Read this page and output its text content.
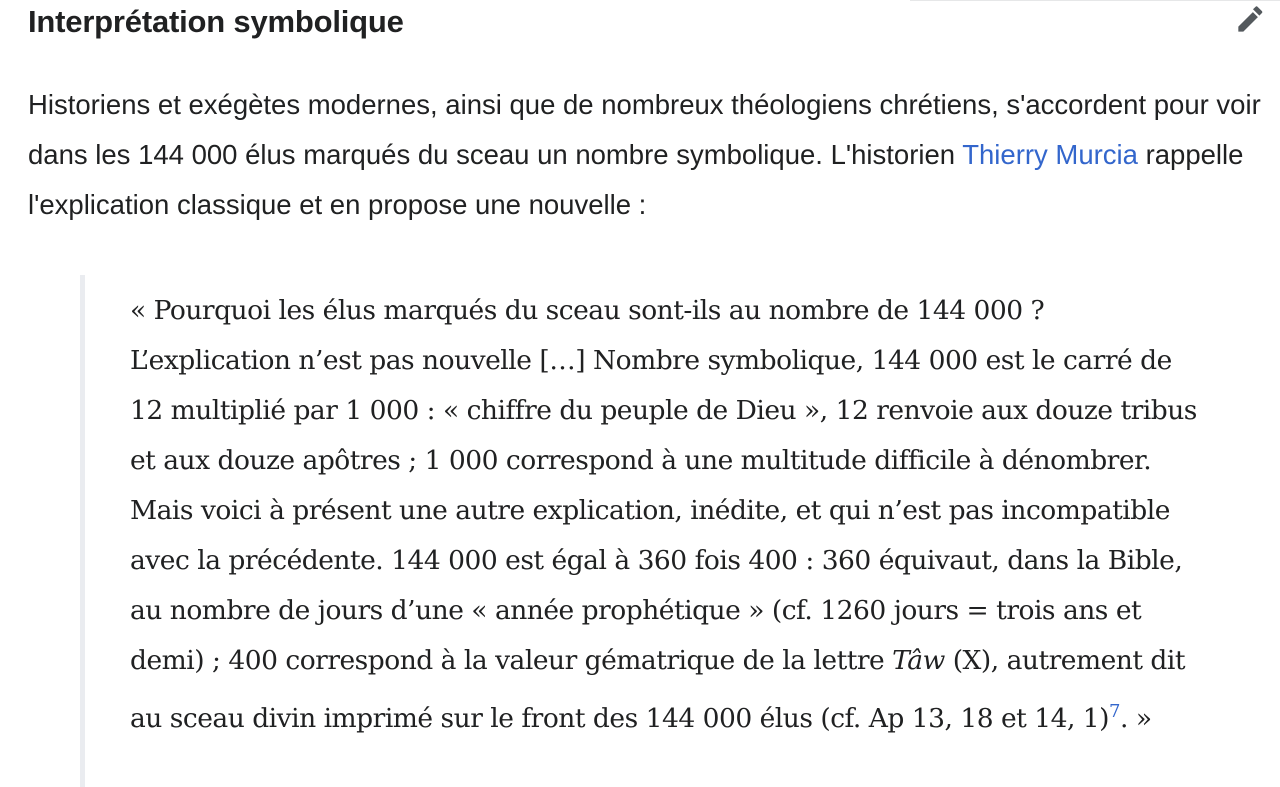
Interprétation symbolique

Historiens et exégètes modernes, ainsi que de nombreux théologiens chrétiens, s'accordent pour voir dans les 144 000 élus marqués du sceau un nombre symbolique. L'historien Thierry Murcia rappelle l'explication classique et en propose une nouvelle :

« Pourquoi les élus marqués du sceau sont-ils au nombre de 144 000 ? L’explication n’est pas nouvelle […] Nombre symbolique, 144 000 est le carré de 12 multiplié par 1 000 : « chiffre du peuple de Dieu », 12 renvoie aux douze tribus et aux douze apôtres ; 1 000 correspond à une multitude difficile à dénombrer. Mais voici à présent une autre explication, inédite, et qui n’est pas incompatible avec la précédente. 144 000 est égal à 360 fois 400 : 360 équivaut, dans la Bible, au nombre de jours d’une « année prophétique » (cf. 1260 jours = trois ans et demi) ; 400 correspond à la valeur gématrique de la lettre Tâw (X), autrement dit au sceau divin imprimé sur le front des 144 000 élus (cf. Ap 13, 18 et 14, 1)$^7$. »
